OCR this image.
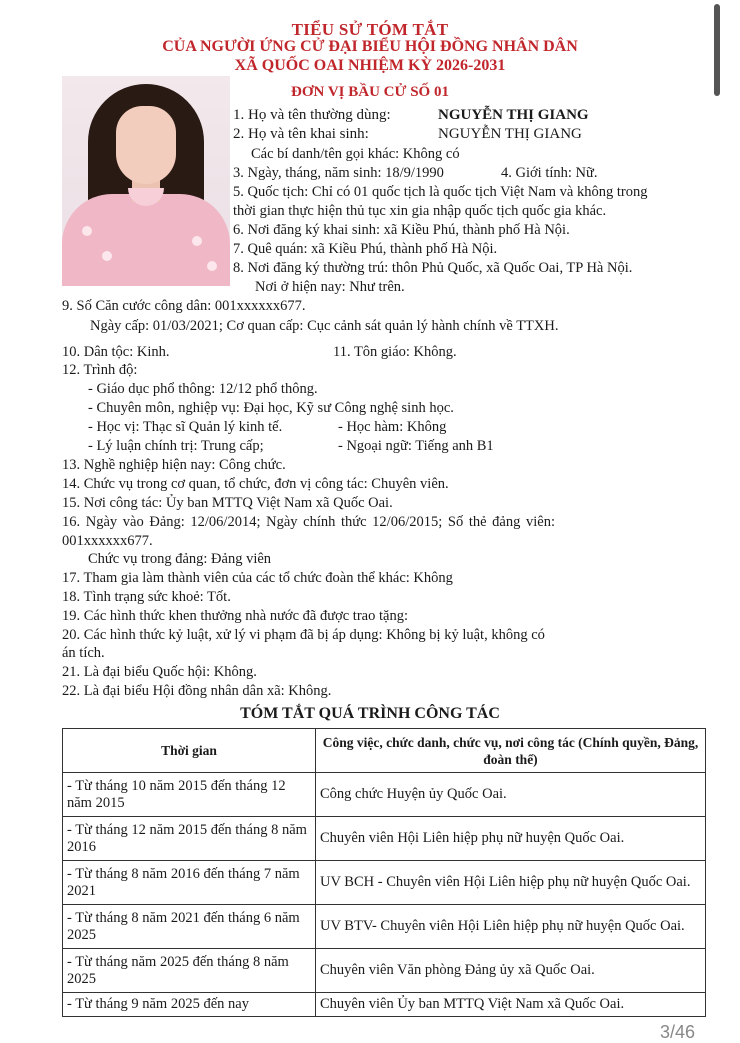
TIỂU SỬ TÓM TẮT
CỦA NGƯỜI ỨNG CỬ ĐẠI BIỂU HỘI ĐỒNG NHÂN DÂN
XÃ QUỐC OAI NHIỆM KỲ 2026-2031
ĐƠN VỊ BẦU CỬ SỐ 01
1. Họ và tên thường dùng:	NGUYỄN THỊ GIANG
2. Họ và tên khai sinh:	NGUYỄN THỊ GIANG
Các bí danh/tên gọi khác: Không có
3. Ngày, tháng, năm sinh: 18/9/1990	4. Giới tính: Nữ.
5. Quốc tịch: Chỉ có 01 quốc tịch là quốc tịch Việt Nam và không trong
thời gian thực hiện thủ tục xin gia nhập quốc tịch quốc gia khác.
6. Nơi đăng ký khai sinh: xã Kiều Phú, thành phố Hà Nội.
7. Quê quán: xã Kiều Phú, thành phố Hà Nội.
8. Nơi đăng ký thường trú: thôn Phủ Quốc, xã Quốc Oai, TP Hà Nội.
Nơi ở hiện nay: Như trên.
9. Số Căn cước công dân: 001xxxxxx677.
Ngày cấp: 01/03/2021; Cơ quan cấp: Cục cảnh sát quản lý hành chính về TTXH.
10. Dân tộc: Kinh.	11. Tôn giáo: Không.
12. Trình độ:
- Giáo dục phổ thông: 12/12 phổ thông.
- Chuyên môn, nghiệp vụ: Đại học, Kỹ sư Công nghệ sinh học.
- Học vị: Thạc sĩ Quản lý kinh tế.	- Học hàm: Không
- Lý luận chính trị: Trung cấp;	- Ngoại ngữ: Tiếng anh B1
13. Nghề nghiệp hiện nay: Công chức.
14. Chức vụ trong cơ quan, tổ chức, đơn vị công tác: Chuyên viên.
15. Nơi công tác: Ủy ban MTTQ Việt Nam xã Quốc Oai.
16. Ngày vào Đảng: 12/06/2014; Ngày chính thức 12/06/2015; Số thẻ đảng viên:
001xxxxxx677.
Chức vụ trong đảng: Đảng viên
17. Tham gia làm thành viên của các tổ chức đoàn thể khác: Không
18. Tình trạng sức khoẻ: Tốt.
19. Các hình thức khen thưởng nhà nước đã được trao tặng:
20. Các hình thức kỷ luật, xử lý vi phạm đã bị áp dụng: Không bị kỷ luật, không có
án tích.
21. Là đại biểu Quốc hội: Không.
22. Là đại biểu Hội đồng nhân dân xã: Không.
TÓM TẮT QUÁ TRÌNH CÔNG TÁC
Thời gian	Công việc, chức danh, chức vụ, nơi công tác (Chính quyền, Đảng, đoàn thể)
- Từ tháng 10 năm 2015 đến tháng 12 năm 2015	Công chức Huyện ủy Quốc Oai.
- Từ tháng 12 năm 2015 đến tháng 8 năm 2016	Chuyên viên Hội Liên hiệp phụ nữ huyện Quốc Oai.
- Từ tháng 8 năm 2016 đến tháng 7 năm 2021	UV BCH - Chuyên viên Hội Liên hiệp phụ nữ huyện Quốc Oai.
- Từ tháng 8 năm 2021 đến tháng 6 năm 2025	UV BTV- Chuyên viên Hội Liên hiệp phụ nữ huyện Quốc Oai.
- Từ tháng năm 2025 đến tháng 8 năm 2025	Chuyên viên Văn phòng Đảng ủy xã Quốc Oai.
- Từ tháng 9 năm 2025 đến nay	Chuyên viên Ủy ban MTTQ Việt Nam xã Quốc Oai.
3/46
